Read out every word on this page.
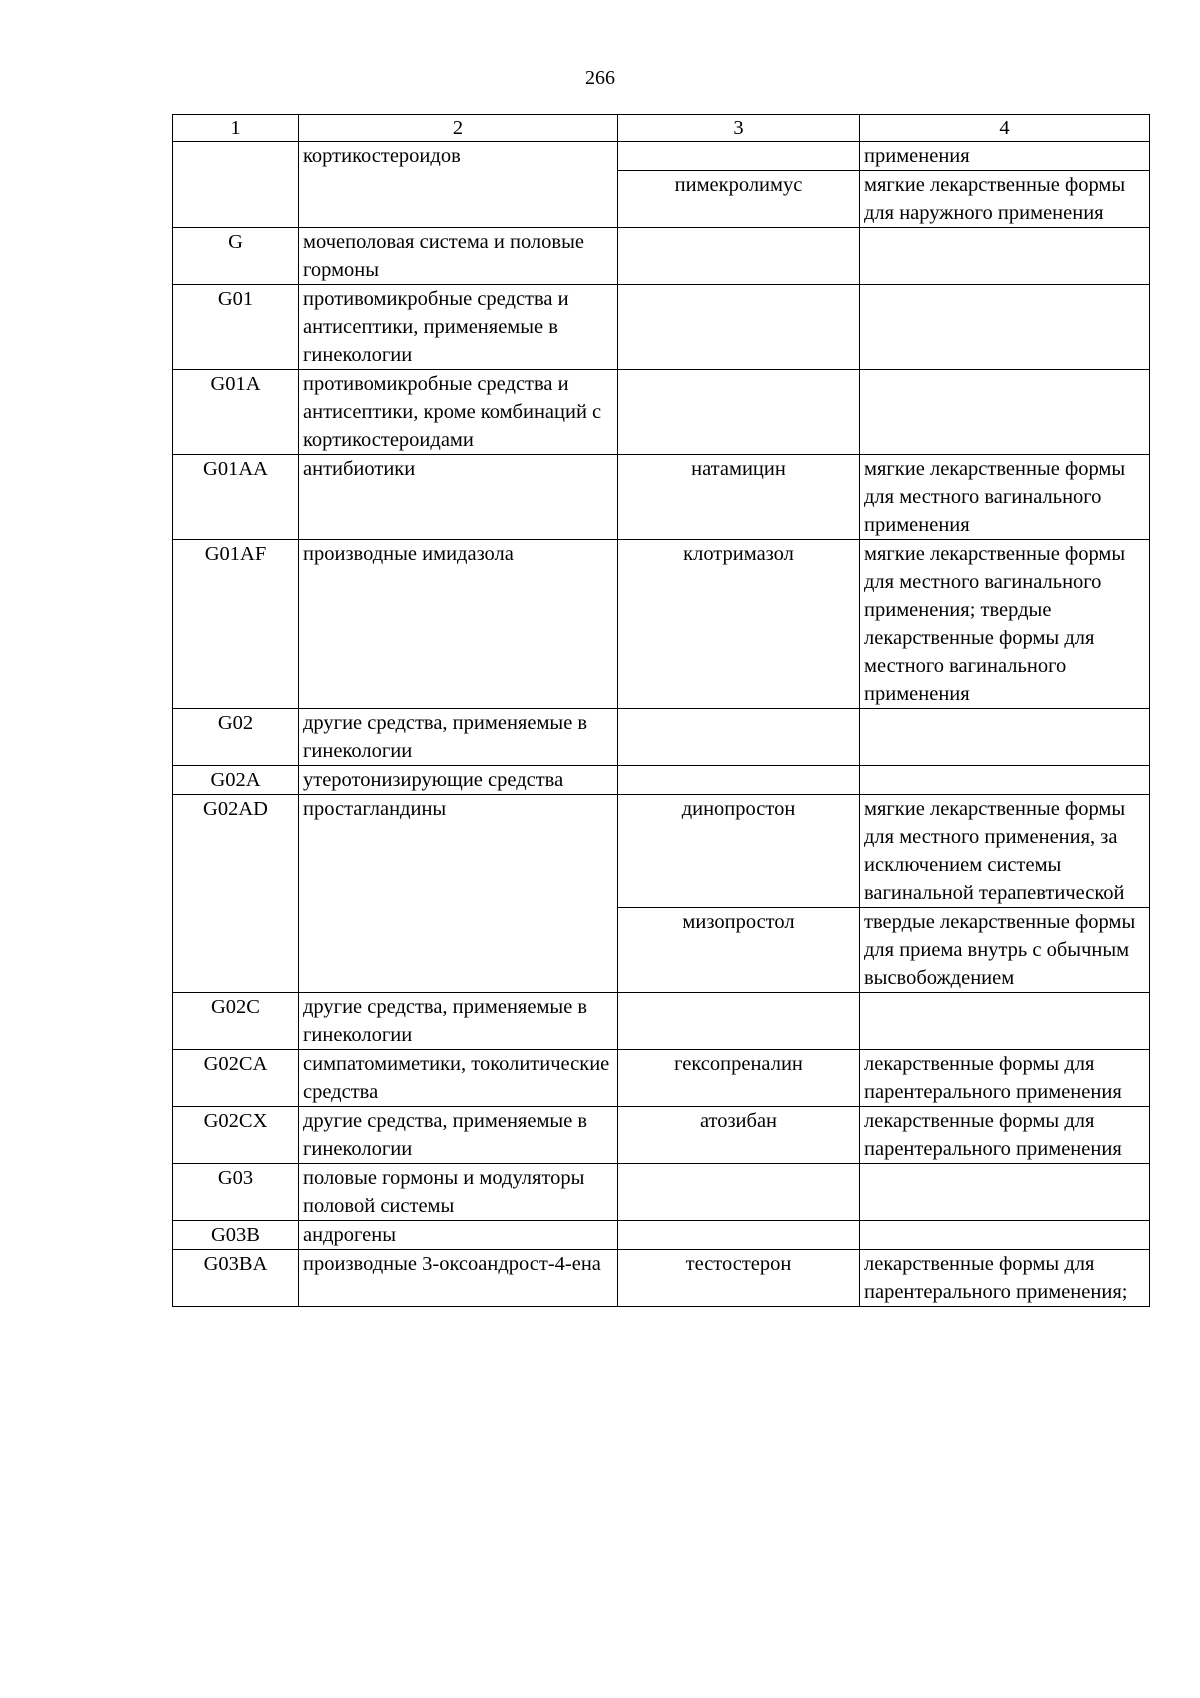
266
1	2	3	4
	кортикостероидов		применения
		пимекролимус	мягкие лекарственные формы для наружного применения
G	мочеполовая система и половые гормоны		
G01	противомикробные средства и антисептики, применяемые в гинекологии		
G01A	противомикробные средства и антисептики, кроме комбинаций с кортикостероидами		
G01AA	антибиотики	натамицин	мягкие лекарственные формы для местного вагинального применения
G01AF	производные имидазола	клотримазол	мягкие лекарственные формы для местного вагинального применения; твердые лекарственные формы для местного вагинального применения
G02	другие средства, применяемые в гинекологии		
G02A	утеротонизирующие средства		
G02AD	простагландины	динопростон	мягкие лекарственные формы для местного применения, за исключением системы вагинальной терапевтической
		мизопростол	твердые лекарственные формы для приема внутрь с обычным высвобождением
G02C	другие средства, применяемые в гинекологии		
G02CA	симпатомиметики, токолитические средства	гексопреналин	лекарственные формы для парентерального применения
G02CX	другие средства, применяемые в гинекологии	атозибан	лекарственные формы для парентерального применения
G03	половые гормоны и модуляторы половой системы		
G03B	андрогены		
G03BA	производные 3-оксоандрост-4-ена	тестостерон	лекарственные формы для парентерального применения;
